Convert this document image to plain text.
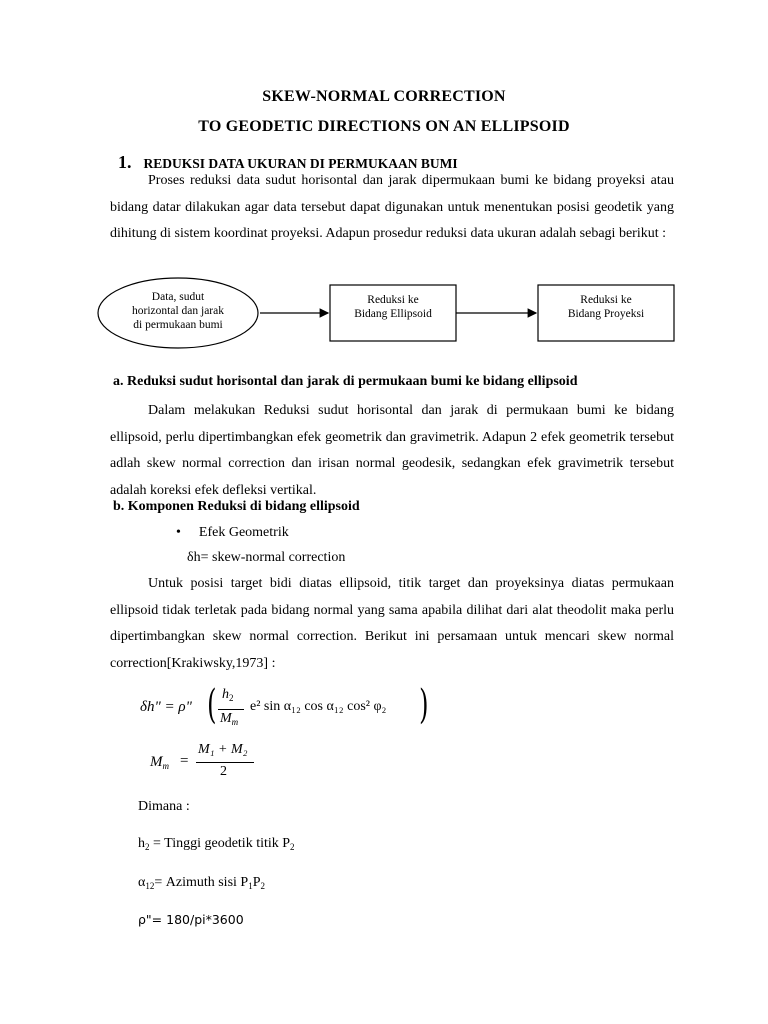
SKEW-NORMAL CORRECTION
TO GEODETIC DIRECTIONS ON AN ELLIPSOID
1. REDUKSI DATA UKURAN DI PERMUKAAN BUMI

Proses reduksi data sudut horisontal dan jarak dipermukaan bumi ke bidang proyeksi atau bidang datar dilakukan agar data tersebut dapat digunakan untuk menentukan posisi geodetik yang dihitung di sistem koordinat proyeksi. Adapun prosedur reduksi data ukuran adalah sebagi berikut :

Data, sudut
horizontal dan jarak
di permukaan bumi
Reduksi ke
Bidang Ellipsoid
Reduksi ke
Bidang Proyeksi
a. Reduksi sudut horisontal dan jarak di permukaan bumi ke bidang ellipsoid

Dalam melakukan Reduksi sudut horisontal dan jarak di permukaan bumi ke bidang ellipsoid, perlu dipertimbangkan efek geometrik dan gravimetrik. Adapun 2 efek geometrik tersebut adlah skew normal correction dan irisan normal geodesik, sedangkan efek gravimetrik tersebut adalah koreksi efek defleksi vertikal.

b. Komponen Reduksi di bidang ellipsoid
• Efek Geometrik
δh= skew-normal correction

Untuk posisi target bidi diatas ellipsoid, titik target dan proyeksinya diatas permukaan ellipsoid tidak terletak pada bidang normal yang sama apabila dilihat dari alat theodolit maka perlu dipertimbangkan skew normal correction. Berikut ini persamaan untuk mencari skew normal correction[Krakiwsky,1973] :

δh" = ρ" ( $h_2$
$M_m$
e² sin α₁₂ cos α₁₂ cos² φ₂ )
$M_m$ =
M₁ + M₂
2
Dimana :
$h_2$ = Tinggi geodetik titik $P_2$
$\alpha_{12}=$ Azimuth sisi $P_1P_2$
ρ"= 180/pi*3600
